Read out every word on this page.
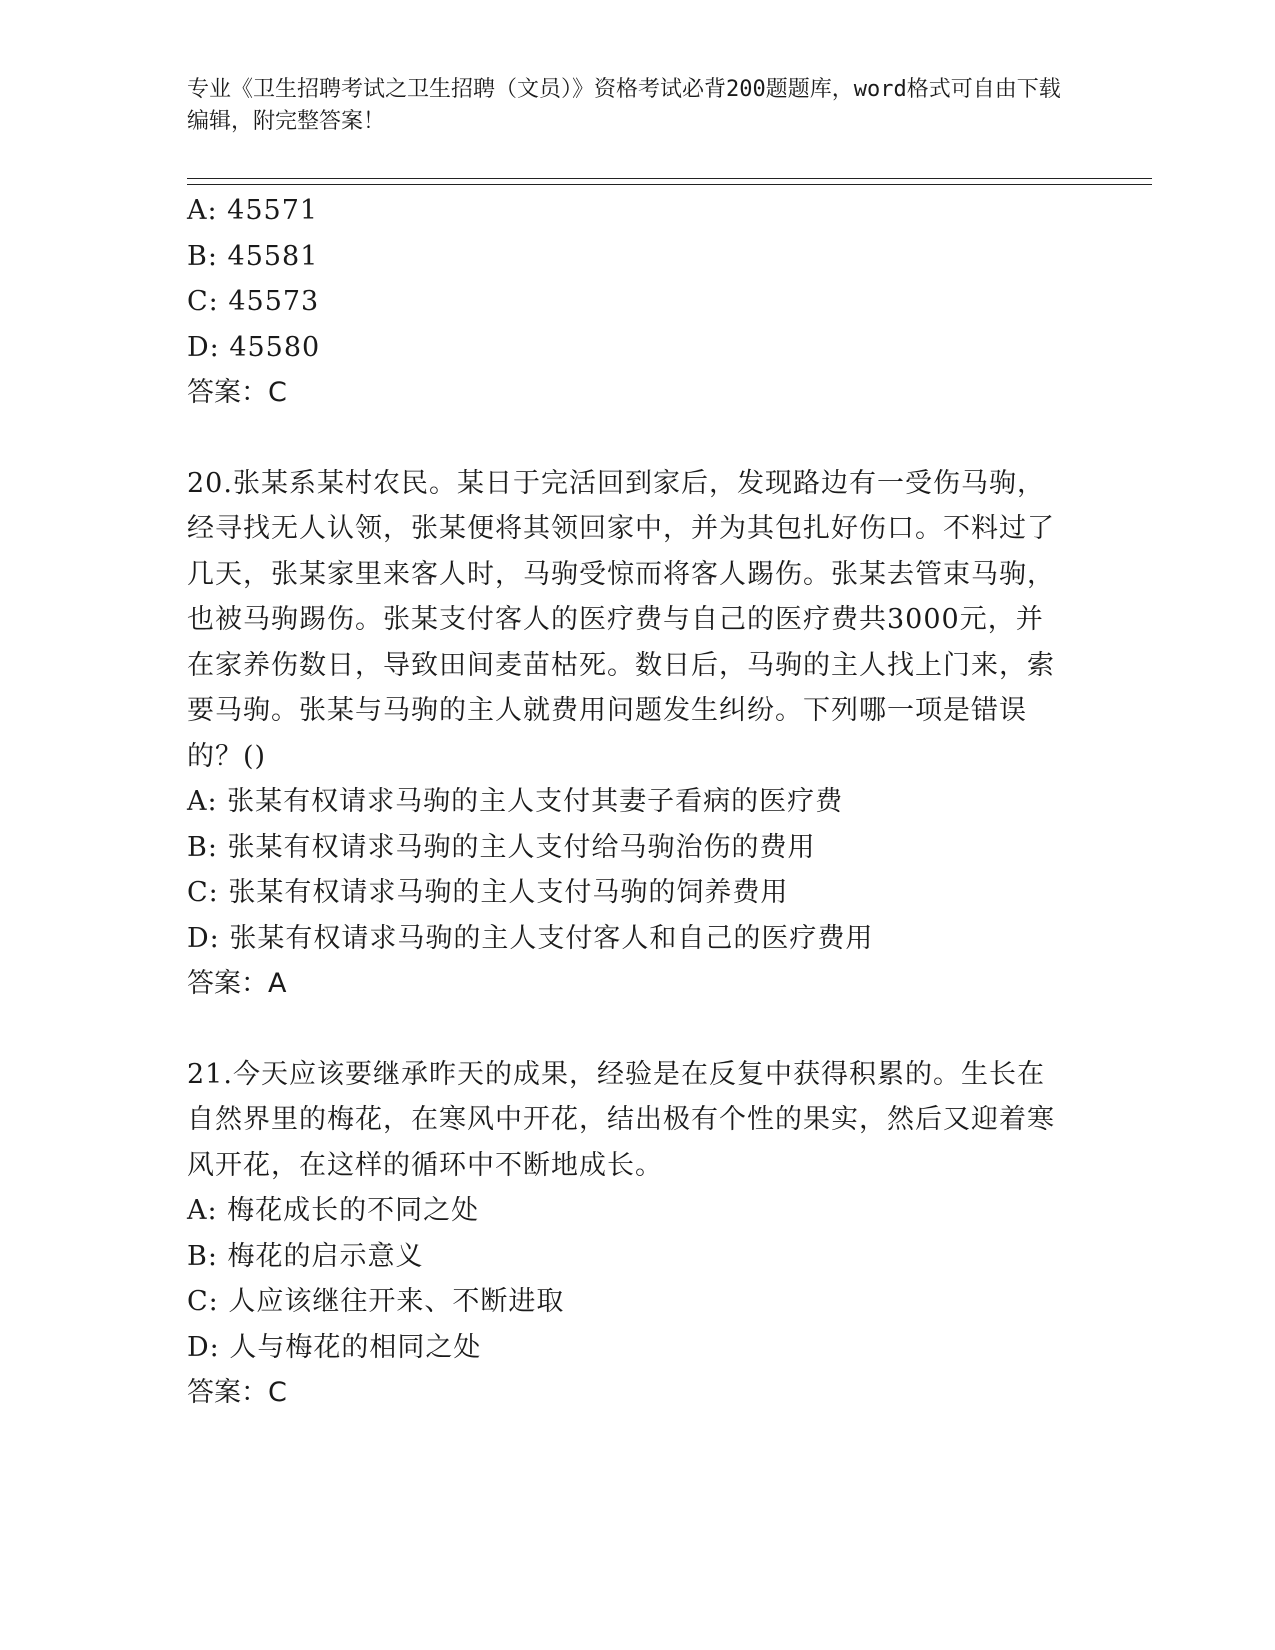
专业《卫生招聘考试之卫生招聘（文员）》资格考试必背200题题库，word格式可自由下载编辑，附完整答案！
A: 45571
B: 45581
C: 45573
D: 45580
答案：C
20.张某系某村农民。某日于完活回到家后，发现路边有一受伤马驹，经寻找无人认领，张某便将其领回家中，并为其包扎好伤口。不料过了几天，张某家里来客人时，马驹受惊而将客人踢伤。张某去管束马驹，也被马驹踢伤。张某支付客人的医疗费与自己的医疗费共3000元，并在家养伤数日，导致田间麦苗枯死。数日后，马驹的主人找上门来，索要马驹。张某与马驹的主人就费用问题发生纠纷。下列哪一项是错误的？()
A: 张某有权请求马驹的主人支付其妻子看病的医疗费
B: 张某有权请求马驹的主人支付给马驹治伤的费用
C: 张某有权请求马驹的主人支付马驹的饲养费用
D: 张某有权请求马驹的主人支付客人和自己的医疗费用
答案：A
21.今天应该要继承昨天的成果，经验是在反复中获得积累的。生长在自然界里的梅花，在寒风中开花，结出极有个性的果实，然后又迎着寒风开花，在这样的循环中不断地成长。
A: 梅花成长的不同之处
B: 梅花的启示意义
C: 人应该继往开来、不断进取
D: 人与梅花的相同之处
答案：C
